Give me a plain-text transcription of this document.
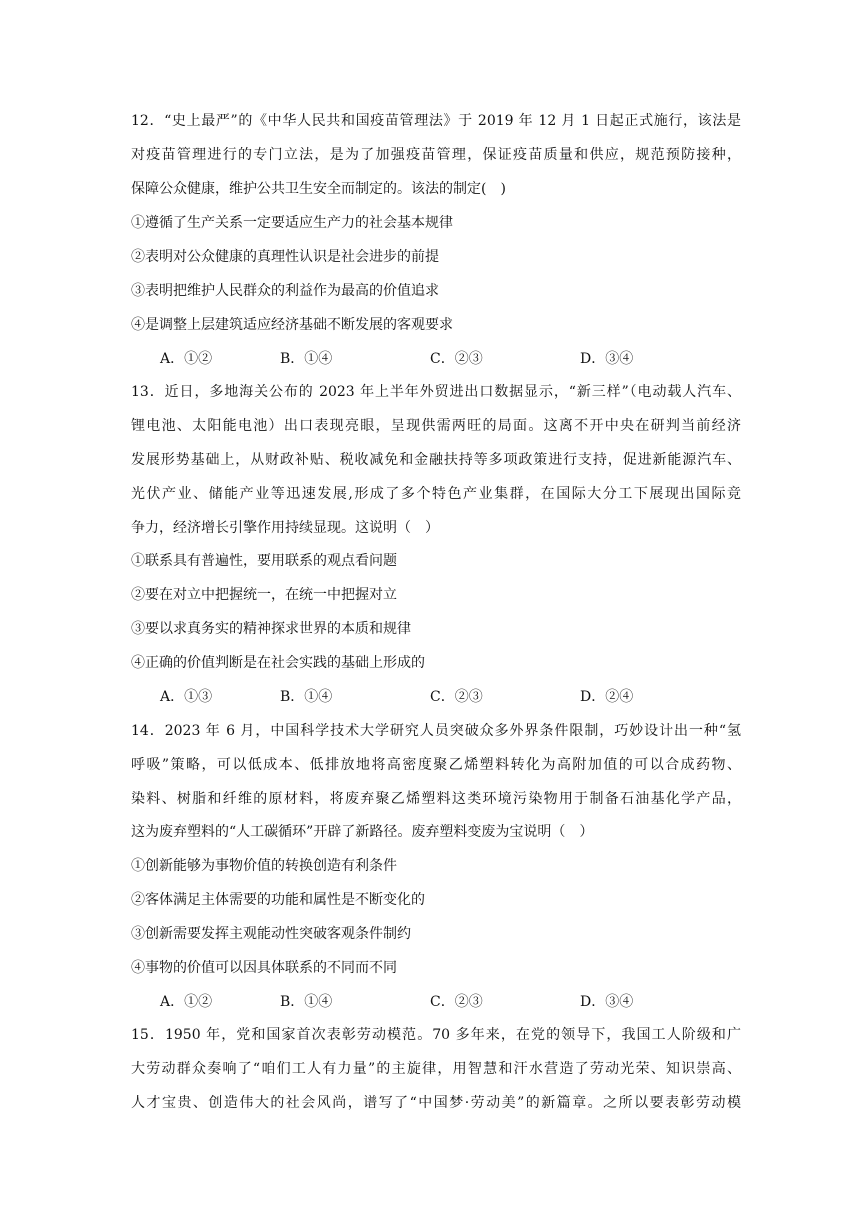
12．“史上最严”的《中华人民共和国疫苗管理法》于 2019 年 12 月 1 日起正式施行，该法是
对疫苗管理进行的专门立法，是为了加强疫苗管理，保证疫苗质量和供应，规范预防接种，
保障公众健康，维护公共卫生安全而制定的。该法的制定(　)
①遵循了生产关系一定要适应生产力的社会基本规律
②表明对公众健康的真理性认识是社会进步的前提
③表明把维护人民群众的利益作为最高的价值追求
④是调整上层建筑适应经济基础不断发展的客观要求
A．①②	B．①④	C．②③	D．③④
13．近日，多地海关公布的 2023 年上半年外贸进出口数据显示，“新三样”（电动载人汽车、
锂电池、太阳能电池）出口表现亮眼，呈现供需两旺的局面。这离不开中央在研判当前经济
发展形势基础上，从财政补贴、税收减免和金融扶持等多项政策进行支持，促进新能源汽车、
光伏产业、储能产业等迅速发展,形成了多个特色产业集群，在国际大分工下展现出国际竞
争力，经济增长引擎作用持续显现。这说明（　）
①联系具有普遍性，要用联系的观点看问题
②要在对立中把握统一，在统一中把握对立
③要以求真务实的精神探求世界的本质和规律
④正确的价值判断是在社会实践的基础上形成的
A．①③	B．①④	C．②③	D．②④
14．2023 年 6 月，中国科学技术大学研究人员突破众多外界条件限制，巧妙设计出一种“氢
呼吸”策略，可以低成本、低排放地将高密度聚乙烯塑料转化为高附加值的可以合成药物、
染料、树脂和纤维的原材料，将废弃聚乙烯塑料这类环境污染物用于制备石油基化学产品，
这为废弃塑料的“人工碳循环”开辟了新路径。废弃塑料变废为宝说明（　）
①创新能够为事物价值的转换创造有利条件
②客体满足主体需要的功能和属性是不断变化的
③创新需要发挥主观能动性突破客观条件制约
④事物的价值可以因具体联系的不同而不同
A．①②	B．①④	C．②③	D．③④
15．1950 年，党和国家首次表彰劳动模范。70 多年来，在党的领导下，我国工人阶级和广
大劳动群众奏响了“咱们工人有力量”的主旋律，用智慧和汗水营造了劳动光荣、知识崇高、
人才宝贵、创造伟大的社会风尚，谱写了“中国梦·劳动美”的新篇章。之所以要表彰劳动模
